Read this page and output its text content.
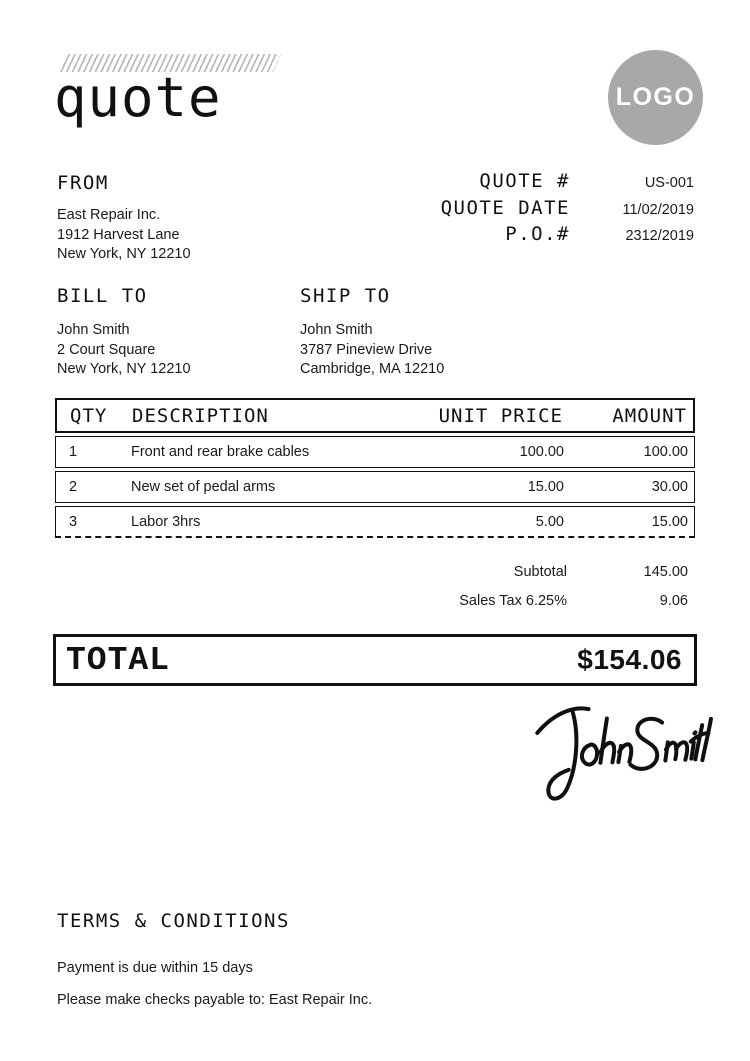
quote	LOGO
FROM
East Repair Inc.
1912 Harvest Lane
New York, NY 12210
QUOTE #	US-001
QUOTE DATE	11/02/2019
P.O.#	2312/2019
BILL TO
John Smith
2 Court Square
New York, NY 12210
SHIP TO
John Smith
3787 Pineview Drive
Cambridge, MA 12210
QTY	DESCRIPTION	UNIT PRICE	AMOUNT
1	Front and rear brake cables	100.00	100.00
2	New set of pedal arms	15.00	30.00
3	Labor 3hrs	5.00	15.00
Subtotal	145.00
Sales Tax 6.25%	9.06
TOTAL	$154.06
TERMS & CONDITIONS
Payment is due within 15 days
Please make checks payable to: East Repair Inc.
